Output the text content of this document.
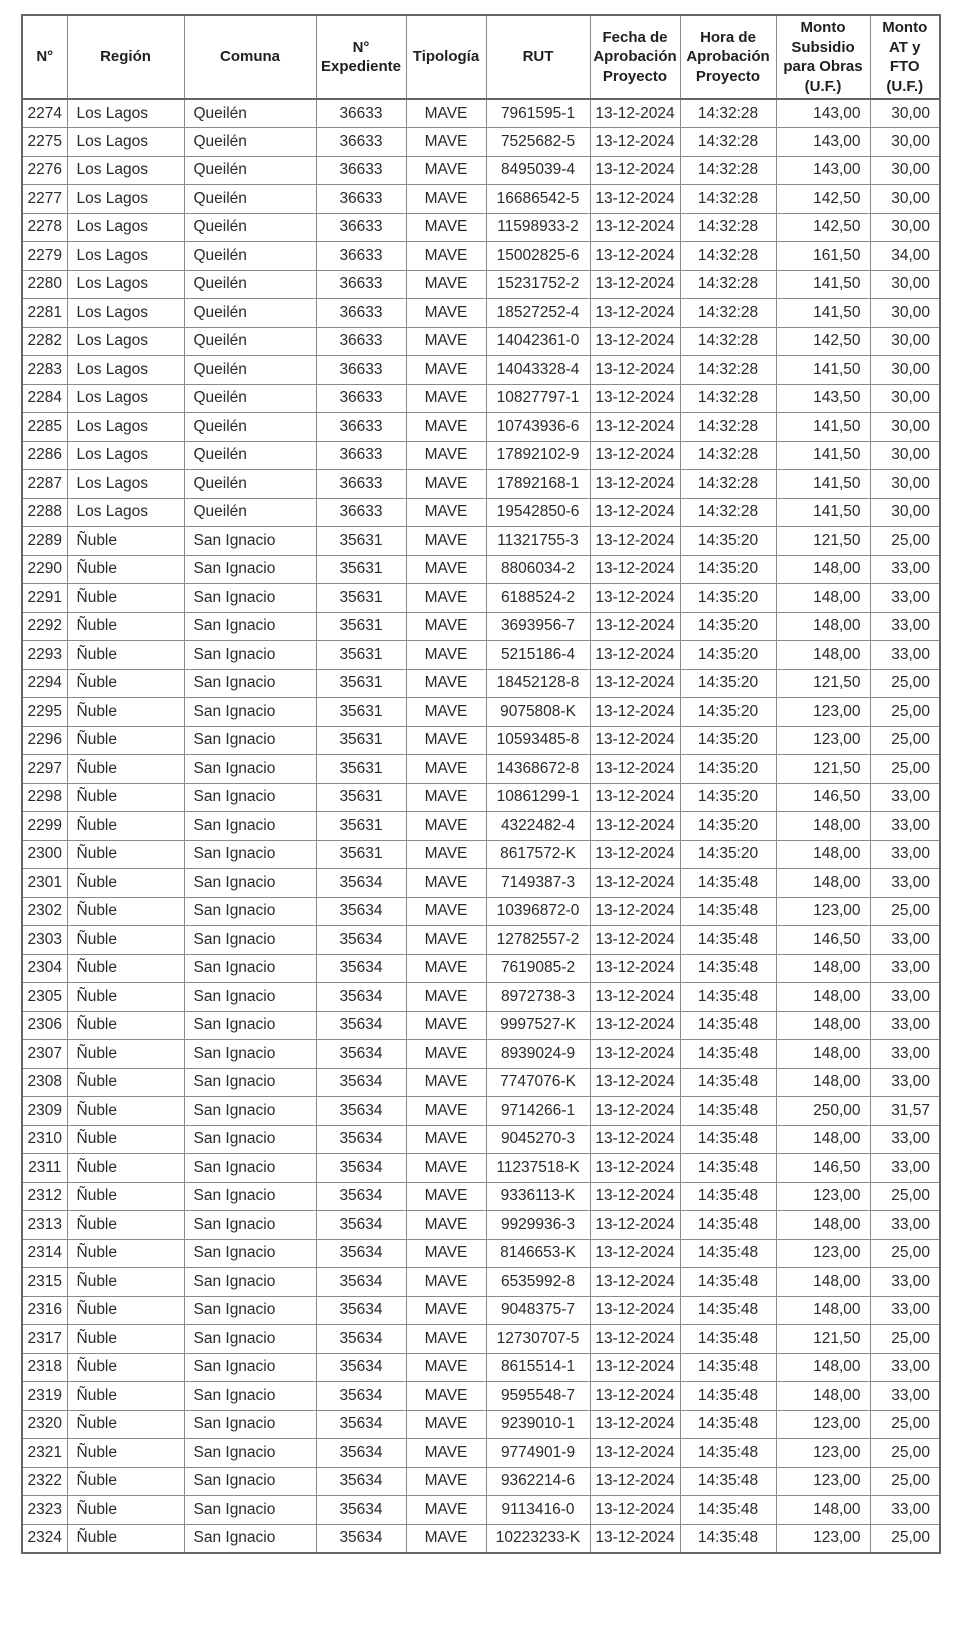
N°	Región	Comuna	N° Expediente	Tipología	RUT	Fecha de Aprobación Proyecto	Hora de Aprobación Proyecto	Monto Subsidio para Obras (U.F.)	Monto AT y FTO (U.F.)
2274	Los Lagos	Queilén	36633	MAVE	7961595-1	13-12-2024	14:32:28	143,00	30,00
2275	Los Lagos	Queilén	36633	MAVE	7525682-5	13-12-2024	14:32:28	143,00	30,00
2276	Los Lagos	Queilén	36633	MAVE	8495039-4	13-12-2024	14:32:28	143,00	30,00
2277	Los Lagos	Queilén	36633	MAVE	16686542-5	13-12-2024	14:32:28	142,50	30,00
2278	Los Lagos	Queilén	36633	MAVE	11598933-2	13-12-2024	14:32:28	142,50	30,00
2279	Los Lagos	Queilén	36633	MAVE	15002825-6	13-12-2024	14:32:28	161,50	34,00
2280	Los Lagos	Queilén	36633	MAVE	15231752-2	13-12-2024	14:32:28	141,50	30,00
2281	Los Lagos	Queilén	36633	MAVE	18527252-4	13-12-2024	14:32:28	141,50	30,00
2282	Los Lagos	Queilén	36633	MAVE	14042361-0	13-12-2024	14:32:28	142,50	30,00
2283	Los Lagos	Queilén	36633	MAVE	14043328-4	13-12-2024	14:32:28	141,50	30,00
2284	Los Lagos	Queilén	36633	MAVE	10827797-1	13-12-2024	14:32:28	143,50	30,00
2285	Los Lagos	Queilén	36633	MAVE	10743936-6	13-12-2024	14:32:28	141,50	30,00
2286	Los Lagos	Queilén	36633	MAVE	17892102-9	13-12-2024	14:32:28	141,50	30,00
2287	Los Lagos	Queilén	36633	MAVE	17892168-1	13-12-2024	14:32:28	141,50	30,00
2288	Los Lagos	Queilén	36633	MAVE	19542850-6	13-12-2024	14:32:28	141,50	30,00
2289	Ñuble	San Ignacio	35631	MAVE	11321755-3	13-12-2024	14:35:20	121,50	25,00
2290	Ñuble	San Ignacio	35631	MAVE	8806034-2	13-12-2024	14:35:20	148,00	33,00
2291	Ñuble	San Ignacio	35631	MAVE	6188524-2	13-12-2024	14:35:20	148,00	33,00
2292	Ñuble	San Ignacio	35631	MAVE	3693956-7	13-12-2024	14:35:20	148,00	33,00
2293	Ñuble	San Ignacio	35631	MAVE	5215186-4	13-12-2024	14:35:20	148,00	33,00
2294	Ñuble	San Ignacio	35631	MAVE	18452128-8	13-12-2024	14:35:20	121,50	25,00
2295	Ñuble	San Ignacio	35631	MAVE	9075808-K	13-12-2024	14:35:20	123,00	25,00
2296	Ñuble	San Ignacio	35631	MAVE	10593485-8	13-12-2024	14:35:20	123,00	25,00
2297	Ñuble	San Ignacio	35631	MAVE	14368672-8	13-12-2024	14:35:20	121,50	25,00
2298	Ñuble	San Ignacio	35631	MAVE	10861299-1	13-12-2024	14:35:20	146,50	33,00
2299	Ñuble	San Ignacio	35631	MAVE	4322482-4	13-12-2024	14:35:20	148,00	33,00
2300	Ñuble	San Ignacio	35631	MAVE	8617572-K	13-12-2024	14:35:20	148,00	33,00
2301	Ñuble	San Ignacio	35634	MAVE	7149387-3	13-12-2024	14:35:48	148,00	33,00
2302	Ñuble	San Ignacio	35634	MAVE	10396872-0	13-12-2024	14:35:48	123,00	25,00
2303	Ñuble	San Ignacio	35634	MAVE	12782557-2	13-12-2024	14:35:48	146,50	33,00
2304	Ñuble	San Ignacio	35634	MAVE	7619085-2	13-12-2024	14:35:48	148,00	33,00
2305	Ñuble	San Ignacio	35634	MAVE	8972738-3	13-12-2024	14:35:48	148,00	33,00
2306	Ñuble	San Ignacio	35634	MAVE	9997527-K	13-12-2024	14:35:48	148,00	33,00
2307	Ñuble	San Ignacio	35634	MAVE	8939024-9	13-12-2024	14:35:48	148,00	33,00
2308	Ñuble	San Ignacio	35634	MAVE	7747076-K	13-12-2024	14:35:48	148,00	33,00
2309	Ñuble	San Ignacio	35634	MAVE	9714266-1	13-12-2024	14:35:48	250,00	31,57
2310	Ñuble	San Ignacio	35634	MAVE	9045270-3	13-12-2024	14:35:48	148,00	33,00
2311	Ñuble	San Ignacio	35634	MAVE	11237518-K	13-12-2024	14:35:48	146,50	33,00
2312	Ñuble	San Ignacio	35634	MAVE	9336113-K	13-12-2024	14:35:48	123,00	25,00
2313	Ñuble	San Ignacio	35634	MAVE	9929936-3	13-12-2024	14:35:48	148,00	33,00
2314	Ñuble	San Ignacio	35634	MAVE	8146653-K	13-12-2024	14:35:48	123,00	25,00
2315	Ñuble	San Ignacio	35634	MAVE	6535992-8	13-12-2024	14:35:48	148,00	33,00
2316	Ñuble	San Ignacio	35634	MAVE	9048375-7	13-12-2024	14:35:48	148,00	33,00
2317	Ñuble	San Ignacio	35634	MAVE	12730707-5	13-12-2024	14:35:48	121,50	25,00
2318	Ñuble	San Ignacio	35634	MAVE	8615514-1	13-12-2024	14:35:48	148,00	33,00
2319	Ñuble	San Ignacio	35634	MAVE	9595548-7	13-12-2024	14:35:48	148,00	33,00
2320	Ñuble	San Ignacio	35634	MAVE	9239010-1	13-12-2024	14:35:48	123,00	25,00
2321	Ñuble	San Ignacio	35634	MAVE	9774901-9	13-12-2024	14:35:48	123,00	25,00
2322	Ñuble	San Ignacio	35634	MAVE	9362214-6	13-12-2024	14:35:48	123,00	25,00
2323	Ñuble	San Ignacio	35634	MAVE	9113416-0	13-12-2024	14:35:48	148,00	33,00
2324	Ñuble	San Ignacio	35634	MAVE	10223233-K	13-12-2024	14:35:48	123,00	25,00
